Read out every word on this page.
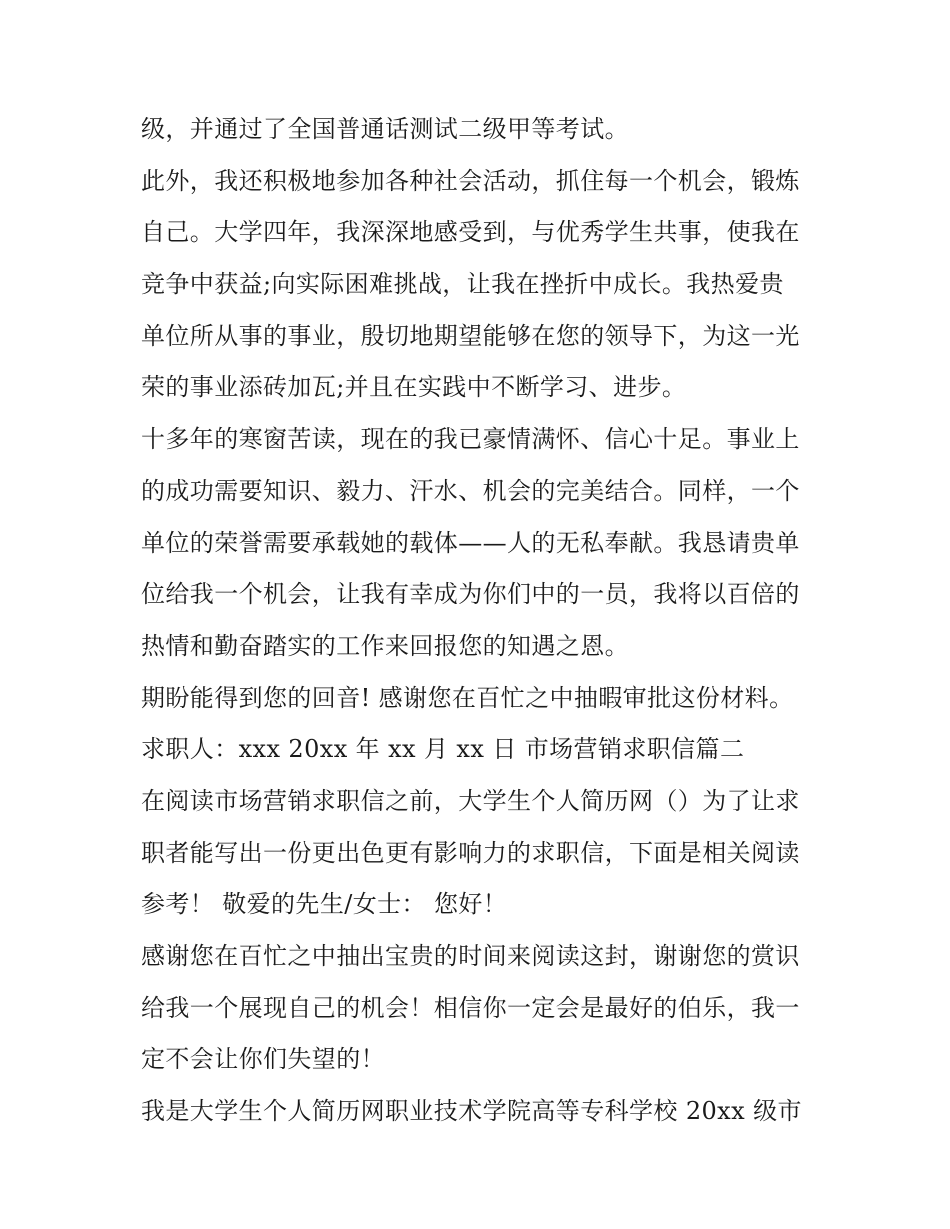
级，并通过了全国普通话测试二级甲等考试。
此外，我还积极地参加各种社会活动，抓住每一个机会，锻炼
自己。大学四年，我深深地感受到，与优秀学生共事，使我在
竞争中获益;向实际困难挑战，让我在挫折中成长。我热爱贵
单位所从事的事业，殷切地期望能够在您的领导下，为这一光
荣的事业添砖加瓦;并且在实践中不断学习、进步。
十多年的寒窗苦读，现在的我已豪情满怀、信心十足。事业上
的成功需要知识、毅力、汗水、机会的完美结合。同样，一个
单位的荣誉需要承载她的载体——人的无私奉献。我恳请贵单
位给我一个机会，让我有幸成为你们中的一员，我将以百倍的
热情和勤奋踏实的工作来回报您的知遇之恩。
期盼能得到您的回音! 感谢您在百忙之中抽暇审批这份材料。
求职人：xxx 20xx 年 xx 月 xx 日 市场营销求职信篇二
在阅读市场营销求职信之前，大学生个人简历网（）为了让求
职者能写出一份更出色更有影响力的求职信，下面是相关阅读
参考！ 敬爱的先生/女士： 您好！
感谢您在百忙之中抽出宝贵的时间来阅读这封，谢谢您的赏识
给我一个展现自己的机会！相信你一定会是最好的伯乐，我一
定不会让你们失望的！
我是大学生个人简历网职业技术学院高等专科学校 20xx 级市
